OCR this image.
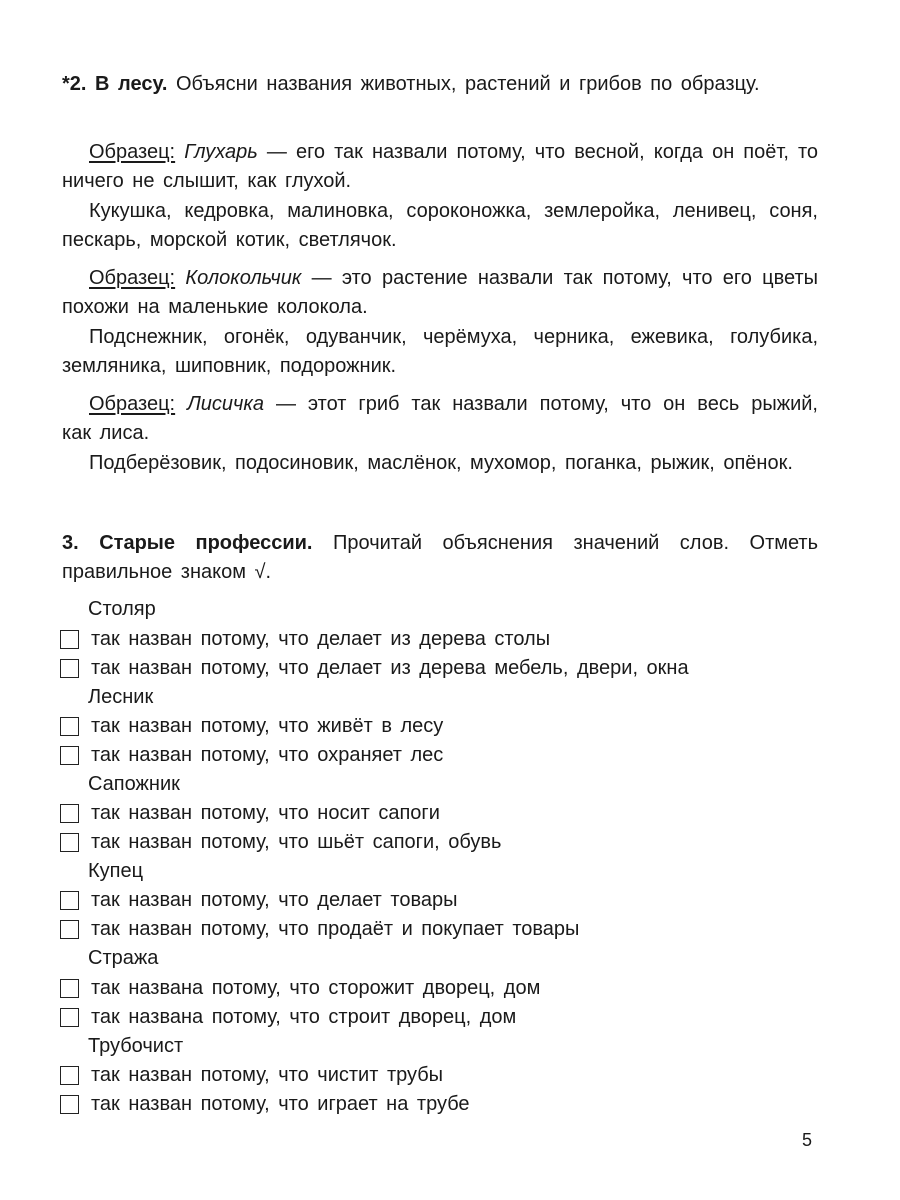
*2. В лесу. Объясни названия животных, растений и грибов по образцу.

Образец: Глухарь — его так назвали потому, что весной, когда он поёт, то ничего не слышит, как глухой.

Кукушка, кедровка, малиновка, сороконожка, землеройка, ленивец, соня, пескарь, морской котик, светлячок.

Образец: Колокольчик — это растение назвали так потому, что его цветы похожи на маленькие колокола.

Подснежник, огонёк, одуванчик, черёмуха, черника, ежевика, голубика, земляника, шиповник, подорожник.

Образец: Лисичка — этот гриб так назвали потому, что он весь рыжий, как лиса.

Подберёзовик, подосиновик, маслёнок, мухомор, поганка, рыжик, опёнок.

3. Старые профессии. Прочитай объяснения значений слов. Отметь правильное знаком √.

Столяр
так назван потому, что делает из дерева столы
так назван потому, что делает из дерева мебель, двери, окна
Лесник
так назван потому, что живёт в лесу
так назван потому, что охраняет лес
Сапожник
так назван потому, что носит сапоги
так назван потому, что шьёт сапоги, обувь
Купец
так назван потому, что делает товары
так назван потому, что продаёт и покупает товары
Стража
так названа потому, что сторожит дворец, дом
так названа потому, что строит дворец, дом
Трубочист
так назван потому, что чистит трубы
так назван потому, что играет на трубе
5
